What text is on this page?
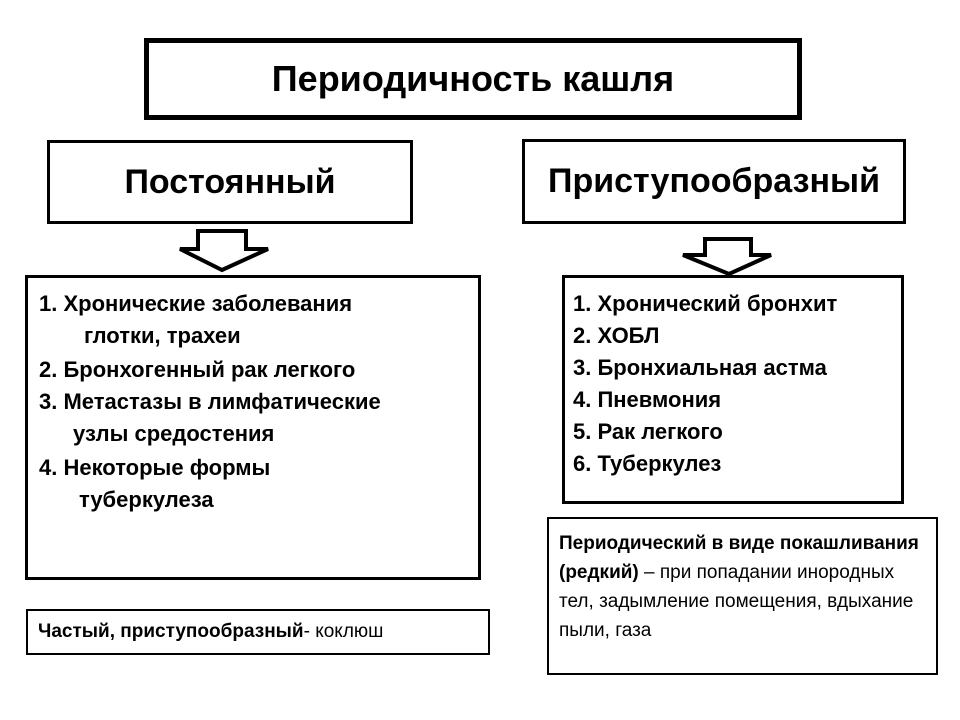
Периодичность кашля
Постоянный	Приступообразный
1. Хронические заболевания
глотки, трахеи
2. Бронхогенный рак легкого
3. Метастазы в лимфатические
узлы средостения
4. Некоторые формы
туберкулеза
1. Хронический бронхит
2. ХОБЛ
3. Бронхиальная астма
4. Пневмония
5. Рак легкого
6. Туберкулез
Частый, приступообразный - коклюш
Периодический в виде покашливания (редкий) – при попадании инородных тел, задымление помещения, вдыхание пыли, газа
